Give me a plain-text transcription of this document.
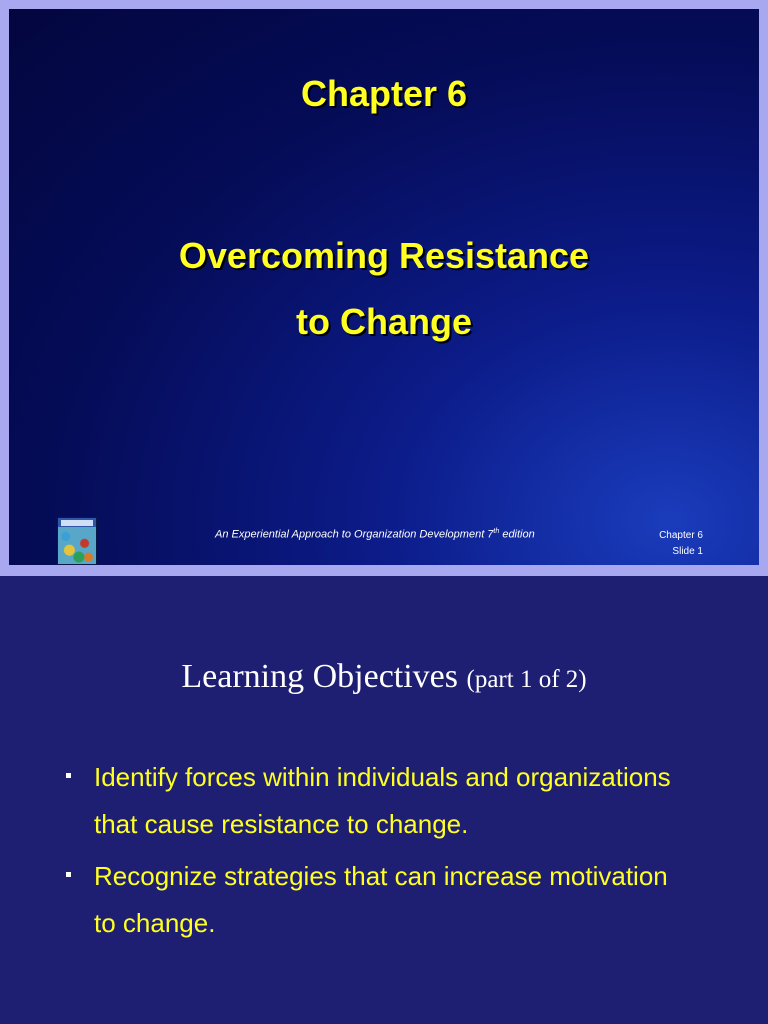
Chapter 6
Overcoming Resistance
to Change
An Experiential Approach to Organization Development 7th edition	Chapter 6
Slide 1
Learning Objectives (part 1 of 2)
Identify forces within individuals and organizations that cause resistance to change.
Recognize strategies that can increase motivation to change.
